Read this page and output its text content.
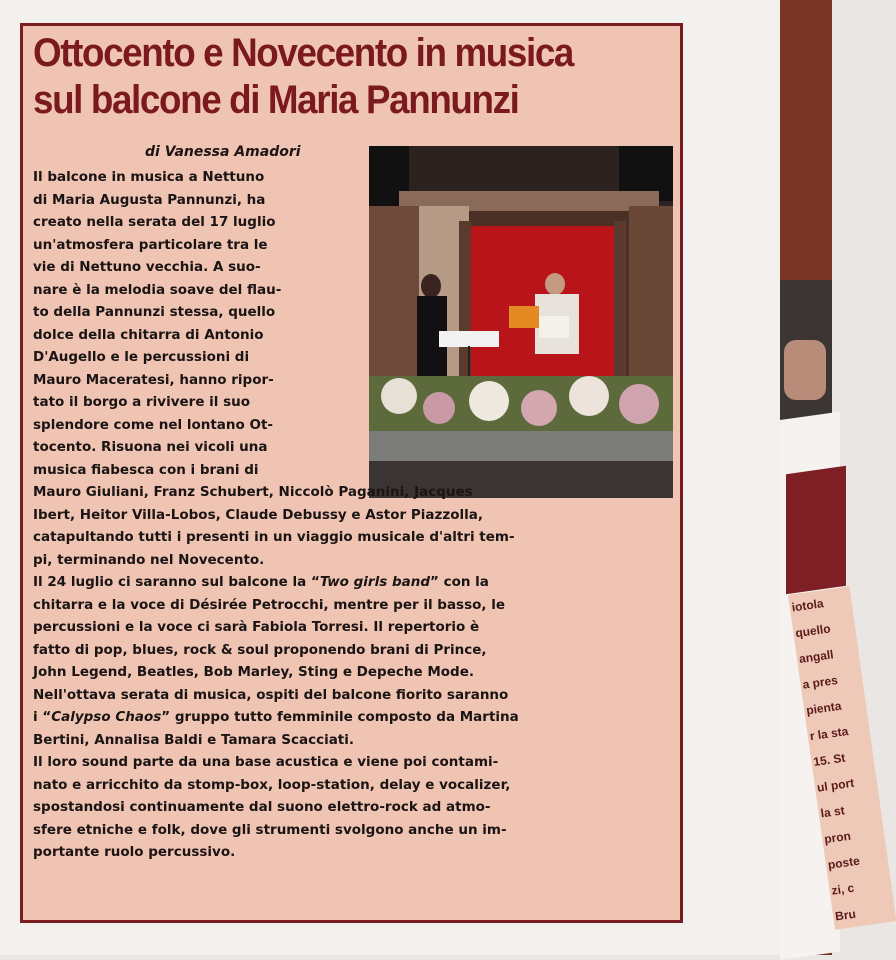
iotola
quello
angall
a pres
pienta
r la sta
15. St
ul port
la st
pron
poste
zi, c
Bru
Ottocento e Novecento in musica
sul balcone di Maria Pannunzi
di Vanessa Amadori
Il balcone in musica a Nettuno
di Maria Augusta Pannunzi, ha
creato nella serata del 17 luglio
un'atmosfera particolare tra le
vie di Nettuno vecchia. A suo-
nare è la melodia soave del flau-
to della Pannunzi stessa, quello
dolce della chitarra di Antonio
D'Augello e le percussioni di
Mauro Maceratesi, hanno ripor-
tato il borgo a rivivere il suo
splendore come nel lontano Ot-
tocento. Risuona nei vicoli una
musica fiabesca con i brani di
Mauro Giuliani, Franz Schubert, Niccolò Paganini, Jacques
Ibert, Heitor Villa-Lobos, Claude Debussy e Astor Piazzolla,
catapultando tutti i presenti in un viaggio musicale d'altri tem-
pi, terminando nel Novecento.
Il 24 luglio ci saranno sul balcone la “Two girls band” con la
chitarra e la voce di Désirée Petrocchi, mentre per il basso, le
percussioni e la voce ci sarà Fabiola Torresi. Il repertorio è
fatto di pop, blues, rock & soul proponendo brani di Prince,
John Legend, Beatles, Bob Marley, Sting e Depeche Mode.
Nell'ottava serata di musica, ospiti del balcone fiorito saranno
i “Calypso Chaos” gruppo tutto femminile composto da Martina
Bertini, Annalisa Baldi e Tamara Scacciati.
Il loro sound parte da una base acustica e viene poi contami-
nato e arricchito da stomp-box, loop-station, delay e vocalizer,
spostandosi continuamente dal suono elettro-rock ad atmo-
sfere etniche e folk, dove gli strumenti svolgono anche un im-
portante ruolo percussivo.
